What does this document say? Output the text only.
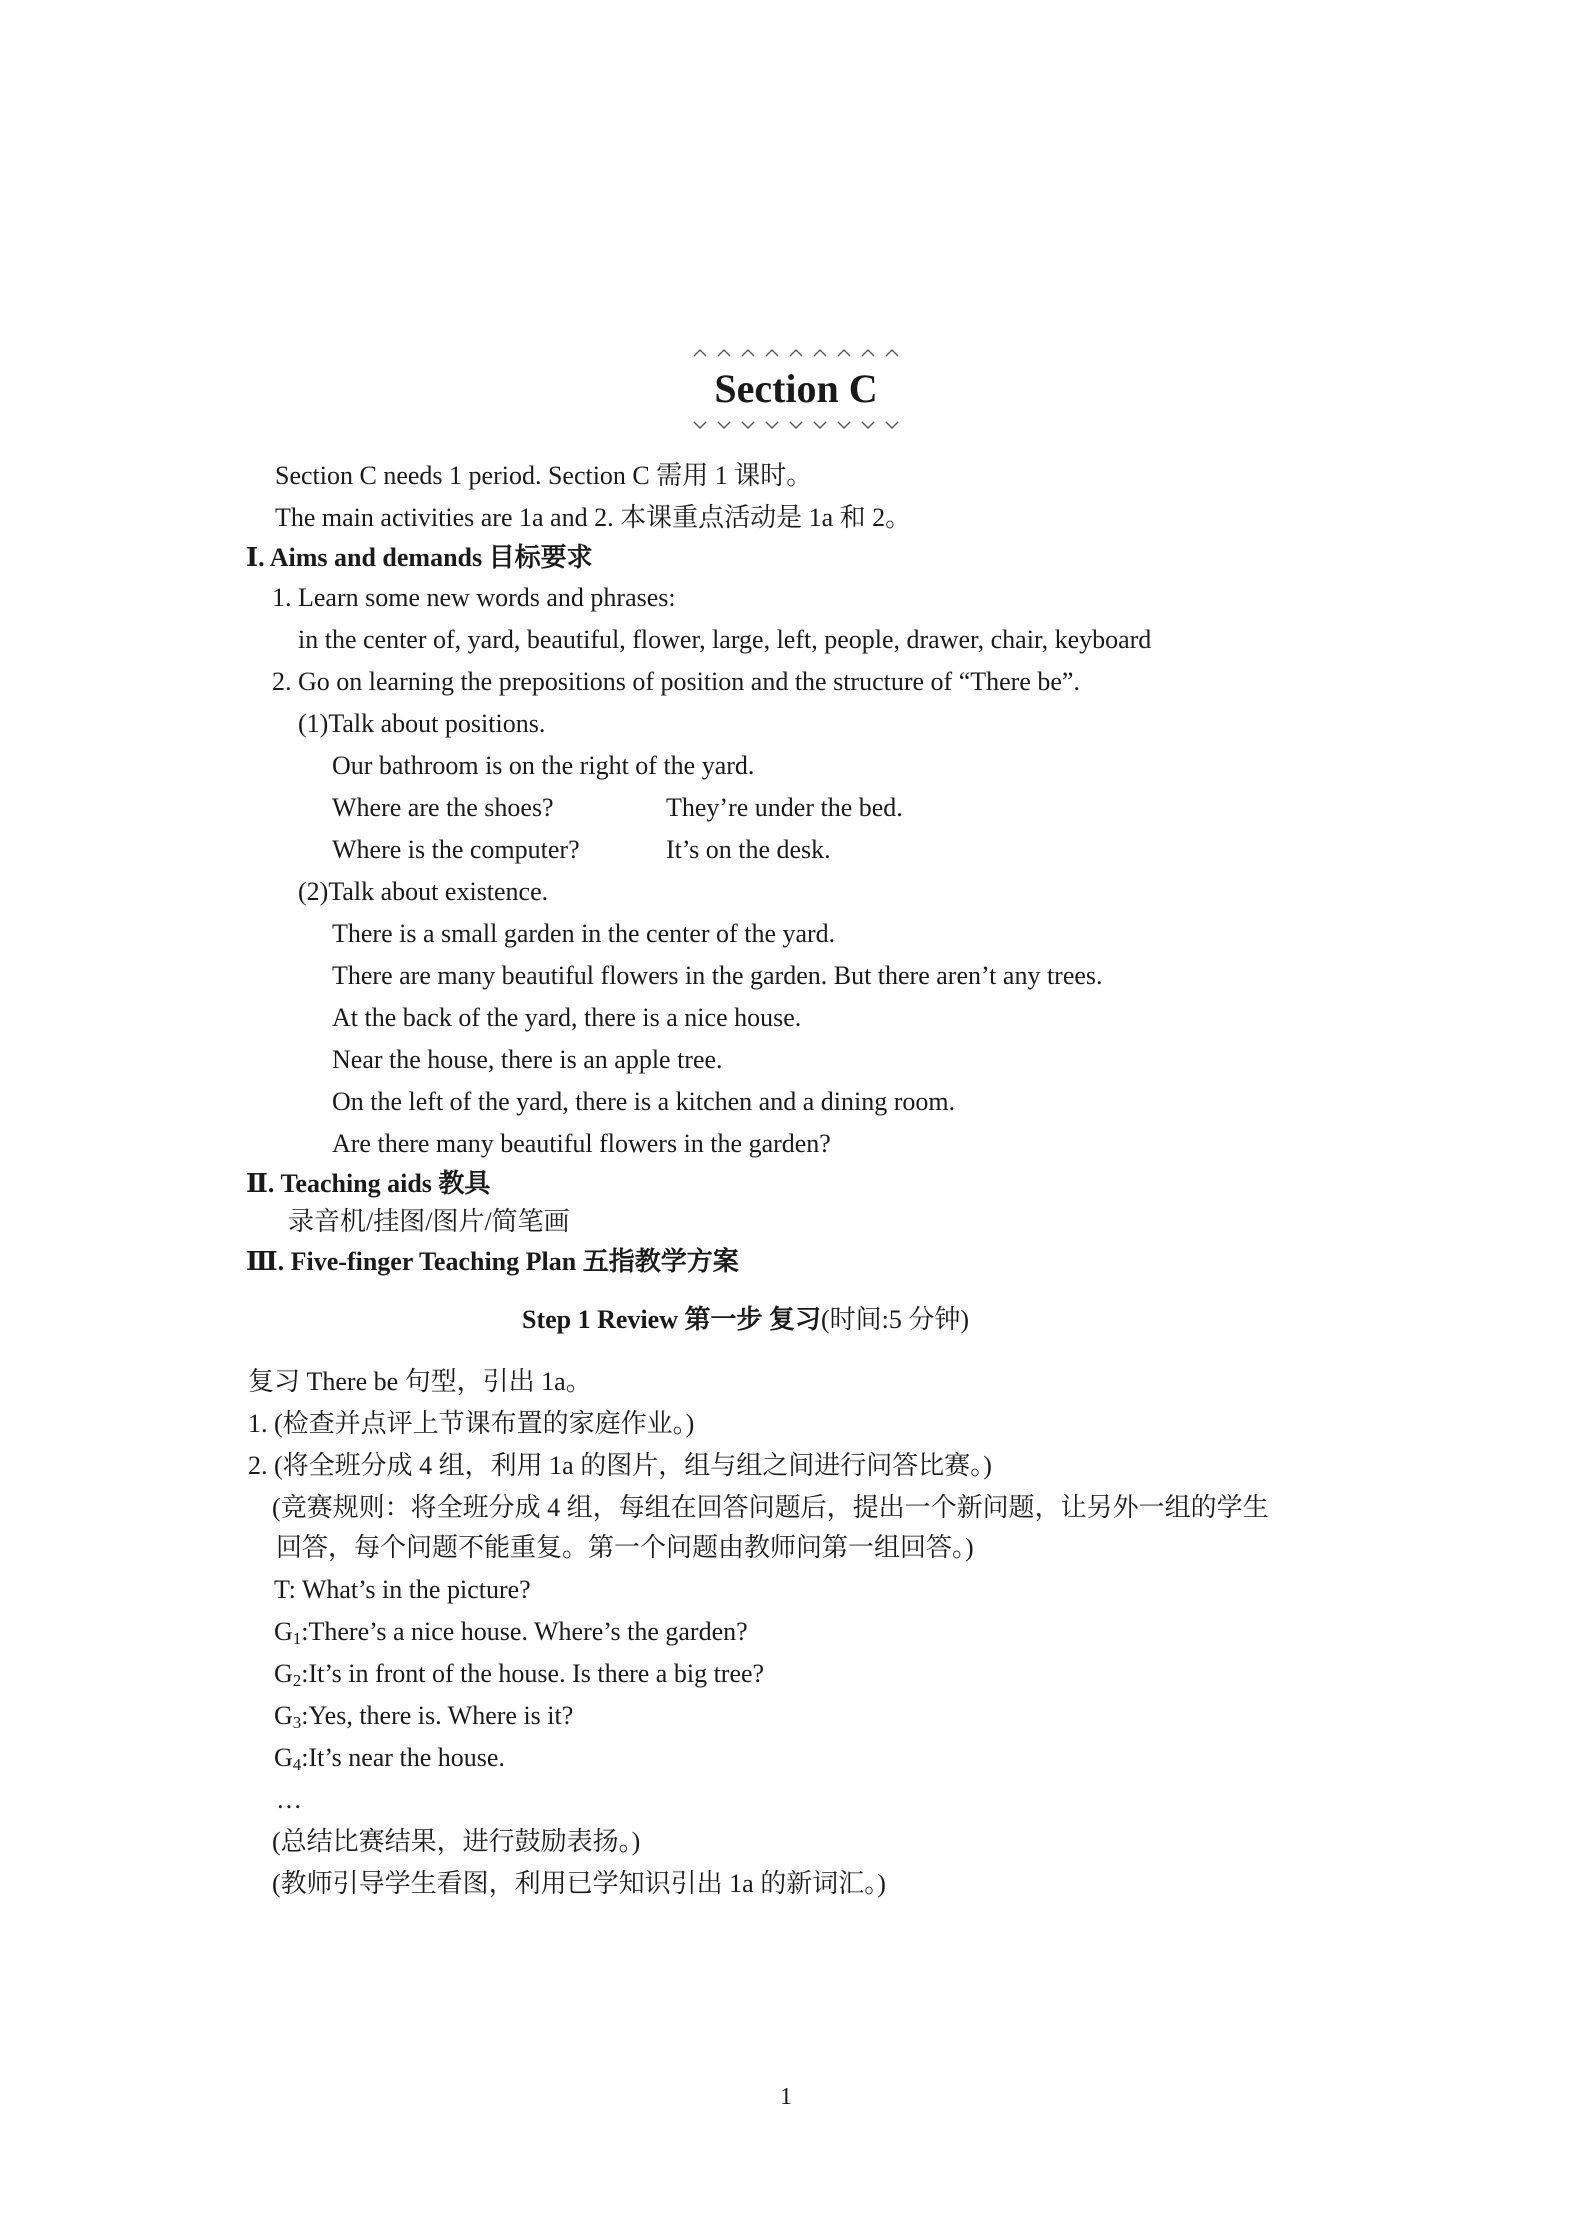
Section C
Section C needs 1 period. Section C 需用 1 课时。
The main activities are 1a and 2. 本课重点活动是 1a 和 2。
Ⅰ. Aims and demands 目标要求
1. Learn some new words and phrases:
in the center of, yard, beautiful, flower, large, left, people, drawer, chair, keyboard
2. Go on learning the prepositions of position and the structure of “There be”.
(1)Talk about positions.
Our bathroom is on the right of the yard.
Where are the shoes?	They’re under the bed.
Where is the computer?	It’s on the desk.
(2)Talk about existence.
There is a small garden in the center of the yard.
There are many beautiful flowers in the garden. But there aren’t any trees.
At the back of the yard, there is a nice house.
Near the house, there is an apple tree.
On the left of the yard, there is a kitchen and a dining room.
Are there many beautiful flowers in the garden?
Ⅱ. Teaching aids 教具
录音机/挂图/图片/简笔画
Ⅲ. Five-finger Teaching Plan 五指教学方案
Step 1 Review 第一步 复习(时间:5 分钟)
复习 There be 句型，引出 1a。
1. (检查并点评上节课布置的家庭作业。)
2. (将全班分成 4 组，利用 1a 的图片，组与组之间进行问答比赛。)
(竞赛规则：将全班分成 4 组，每组在回答问题后，提出一个新问题，让另外一组的学生
回答，每个问题不能重复。第一个问题由教师问第一组回答。)
T: What’s in the picture?
$G_1:There’s$ a nice house. Where’s the garden?
$G_2:It’s$ in front of the house. Is there a big tree?
$G_3:Yes$, there is. Where is it?
$G_4:It’s$ near the house.
…
(总结比赛结果，进行鼓励表扬。)
(教师引导学生看图，利用已学知识引出 1a 的新词汇。)
1
